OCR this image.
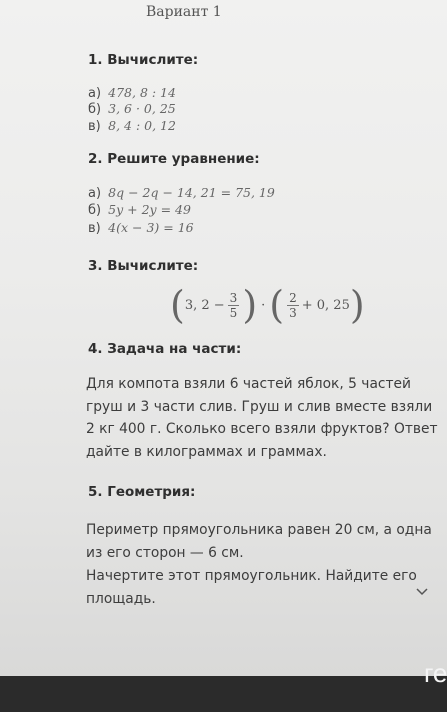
Вариант 1
1. Вычислите:
а) 478, 8 : 14
б) 3, 6 · 0, 25
в) 8, 4 : 0, 12
2. Решите уравнение:
а) 8q − 2q − 14, 21 = 75, 19
б) 5y + 2y = 49
в) 4(x − 3) = 16
3. Вычислите:
( 3, $2 - \frac{3}{5}$ ) · ( $\frac{2}{3} + 0$, 25 )
4. Задача на части:
Для компота взяли 6 частей яблок, 5 частей груш и 3 части слив. Груш и слив вместе взяли 2 кг 400 г. Сколько всего взяли фруктов? Ответ дайте в килограммах и граммах.
5. Геометрия:
Периметр прямоугольника равен 20 см, а одна из его сторон — 6 см.
Начертите этот прямоугольник. Найдите его площадь.
ге
